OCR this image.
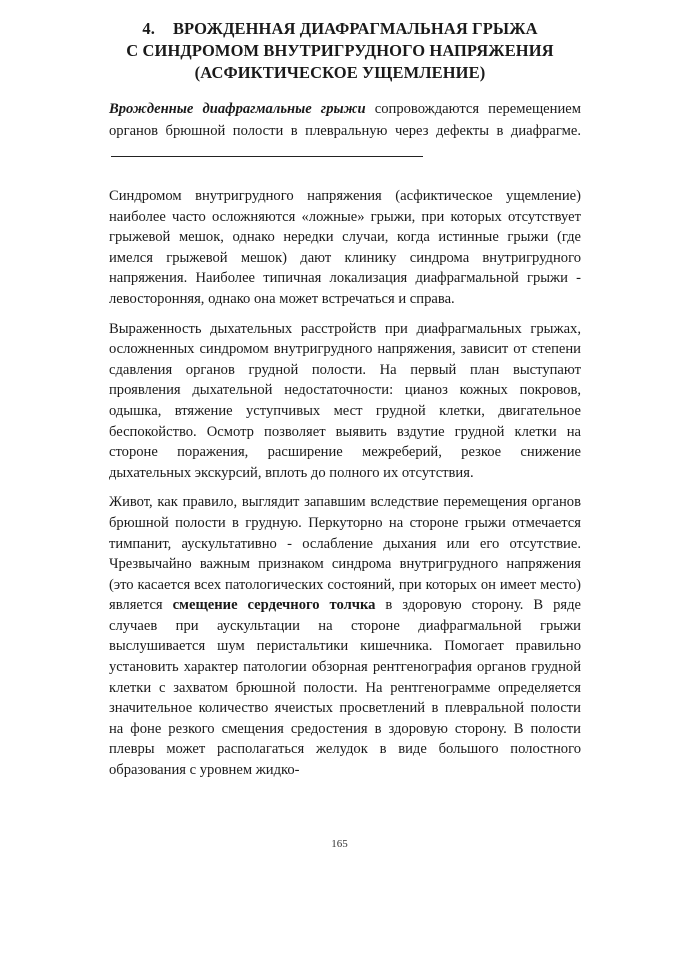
4. ВРОЖДЕННАЯ ДИАФРАГМАЛЬНАЯ ГРЫЖА
С СИНДРОМОМ ВНУТРИГРУДНОГО НАПРЯЖЕНИЯ
(АСФИКТИЧЕСКОЕ УЩЕМЛЕНИЕ)
Врожденные диафрагмальные грыжи сопровождаются перемещением органов брюшной полости в плевральную через дефекты в диафрагме.

Синдромом внутригрудного напряжения (асфиктическое ущемление) наиболее часто осложняются «ложные» грыжи, при которых отсутствует грыжевой мешок, однако нередки случаи, когда истинные грыжи (где имелся грыжевой мешок) дают клинику синдрома внутригрудного напряжения. Наиболее типичная локализация диафрагмальной грыжи - левосторонняя, однако она может встречаться и справа.

Выраженность дыхательных расстройств при диафрагмальных грыжах, осложненных синдромом внутригрудного напряжения, зависит от степени сдавления органов грудной полости. На первый план выступают проявления дыхательной недостаточности: цианоз кожных покровов, одышка, втяжение уступчивых мест грудной клетки, двигательное беспокойство. Осмотр позволяет выявить вздутие грудной клетки на стороне поражения, расширение межреберий, резкое снижение дыхательных экскурсий, вплоть до полного их отсутствия.

Живот, как правило, выглядит запавшим вследствие перемещения органов брюшной полости в грудную. Перкуторно на стороне грыжи отмечается тимпанит, аускультативно - ослабление дыхания или его отсутствие. Чрезвычайно важным признаком синдрома внутригрудного напряжения (это касается всех патологических состояний, при которых он имеет место) является смещение сердечного толчка в здоровую сторону. В ряде случаев при аускультации на стороне диафрагмальной грыжи выслушивается шум перистальтики кишечника. Помогает правильно установить характер патологии обзорная рентгенография органов грудной клетки с захватом брюшной полости. На рентгенограмме определяется значительное количество ячеистых просветлений в плевральной полости на фоне резкого смещения средостения в здоровую сторону. В полости плевры может располагаться желудок в виде большого полостного образования с уровнем жидко-

165
